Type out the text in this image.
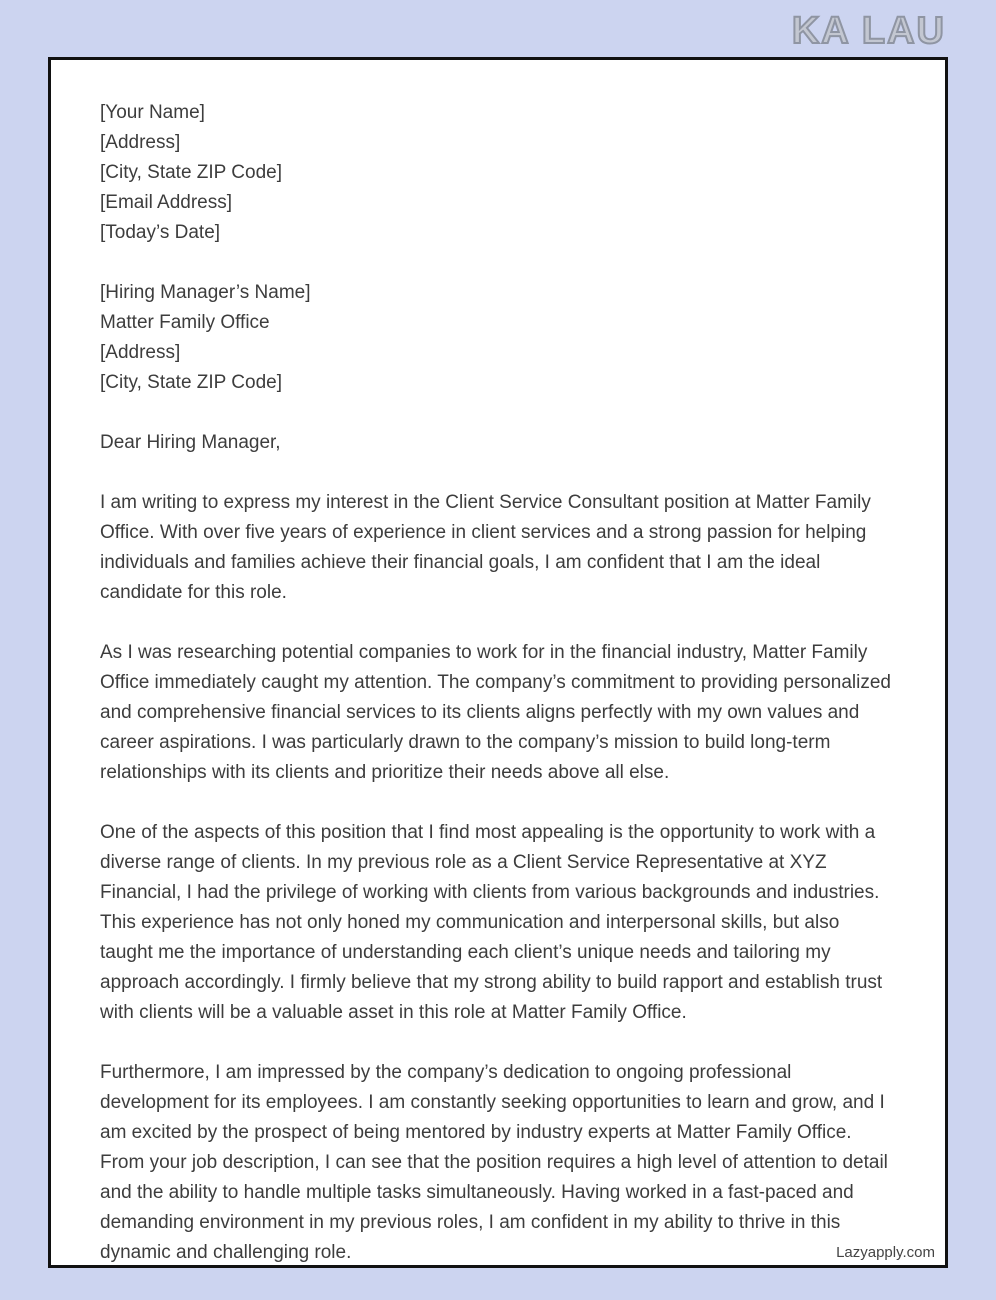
KA LAU
[Your Name]
[Address]
[City, State ZIP Code]
[Email Address]
[Today’s Date]
[Hiring Manager’s Name]
Matter Family Office
[Address]
[City, State ZIP Code]
Dear Hiring Manager,

I am writing to express my interest in the Client Service Consultant position at Matter Family Office. With over five years of experience in client services and a strong passion for helping individuals and families achieve their financial goals, I am confident that I am the ideal candidate for this role.

As I was researching potential companies to work for in the financial industry, Matter Family Office immediately caught my attention. The company’s commitment to providing personalized and comprehensive financial services to its clients aligns perfectly with my own values and career aspirations. I was particularly drawn to the company’s mission to build long-term relationships with its clients and prioritize their needs above all else.

One of the aspects of this position that I find most appealing is the opportunity to work with a diverse range of clients. In my previous role as a Client Service Representative at XYZ Financial, I had the privilege of working with clients from various backgrounds and industries. This experience has not only honed my communication and interpersonal skills, but also taught me the importance of understanding each client’s unique needs and tailoring my approach accordingly. I firmly believe that my strong ability to build rapport and establish trust with clients will be a valuable asset in this role at Matter Family Office.

Furthermore, I am impressed by the company’s dedication to ongoing professional development for its employees. I am constantly seeking opportunities to learn and grow, and I am excited by the prospect of being mentored by industry experts at Matter Family Office. From your job description, I can see that the position requires a high level of attention to detail and the ability to handle multiple tasks simultaneously. Having worked in a fast-paced and demanding environment in my previous roles, I am confident in my ability to thrive in this dynamic and challenging role.	Lazyapply.com
